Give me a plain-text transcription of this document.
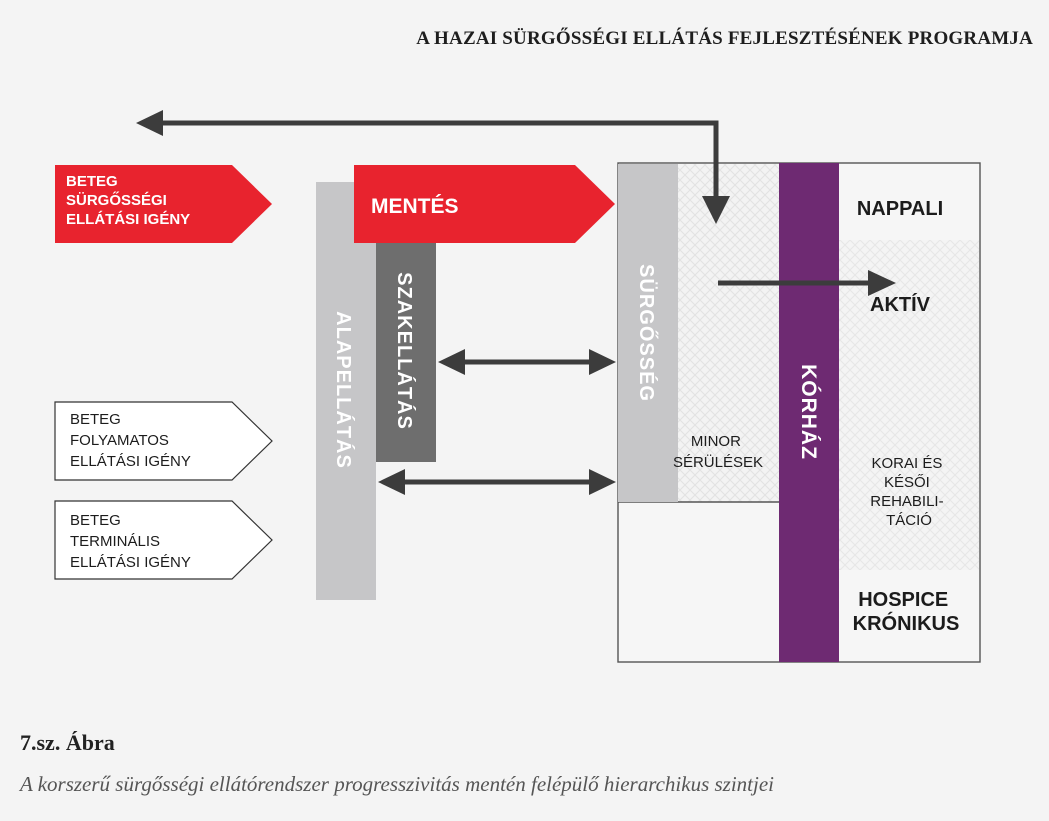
A HAZAI SÜRGŐSSÉGI ELLÁTÁS FEJLESZTÉSÉNEK PROGRAMJA
ALAPELLÁTÁS SZAKELLÁTÁS	SÜRGŐSSÉG
KÓRHÁZ
MENTÉS
BETEG SÜRGŐSSÉGI ELLÁTÁSI IGÉNY
BETEG FOLYAMATOS ELLÁTÁSI IGÉNY
BETEG TERMINÁLIS ELLÁTÁSI IGÉNY
NAPPALI
AKTÍV
MINOR SÉRÜLÉSEK	KORAI ÉS KÉSŐI REHABILI- TÁCIÓ
HOSPICE KRÓNIKUS
7.sz. Ábra
A korszerű sürgősségi ellátórendszer progresszivitás mentén felépülő hierarchikus szintjei
